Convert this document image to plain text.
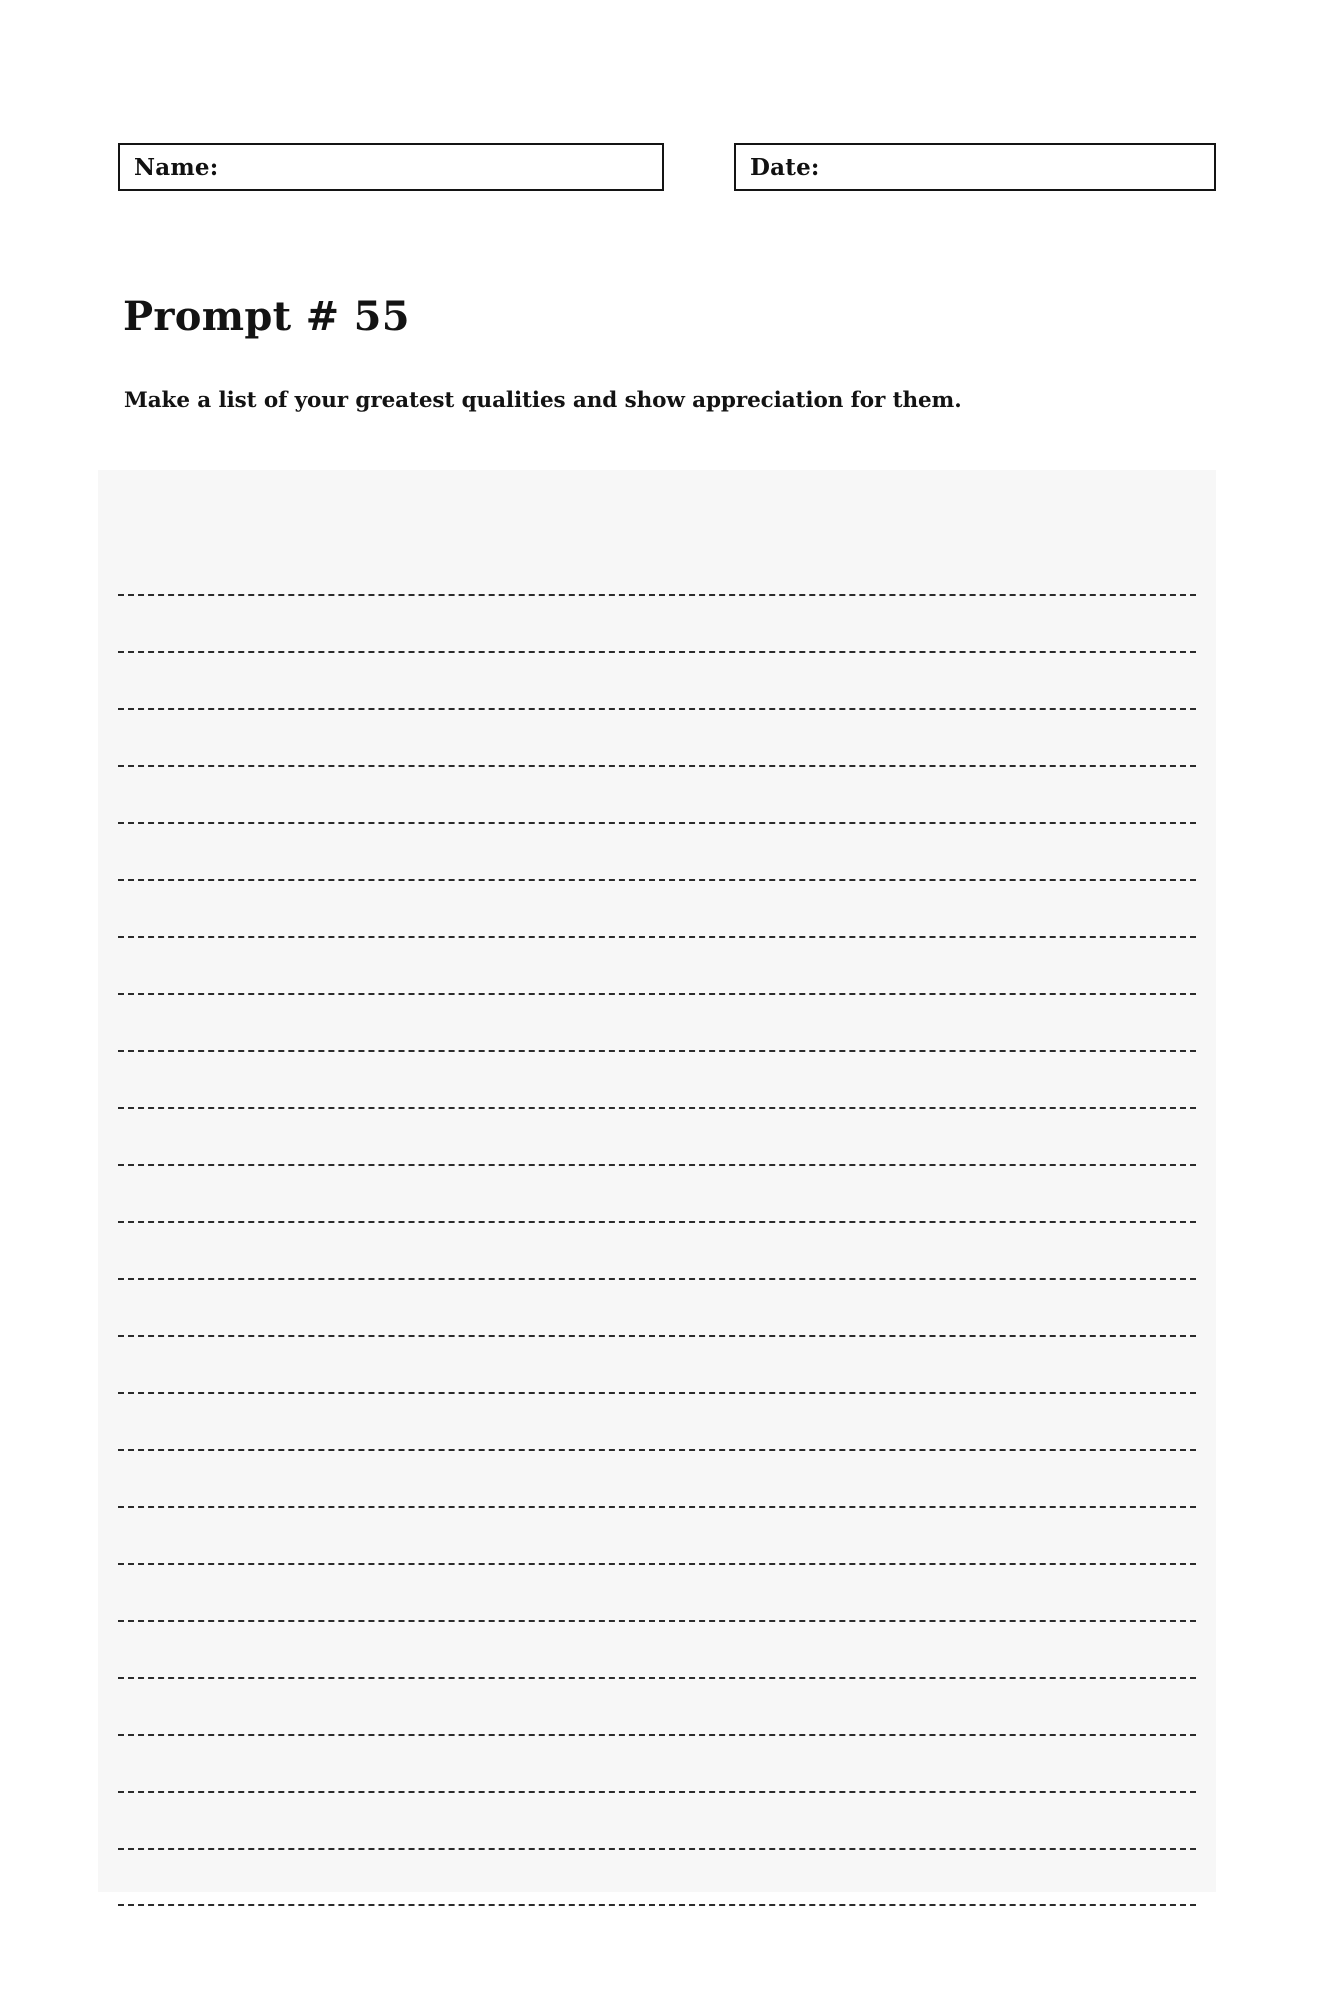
Name:	Date:
Prompt # 55

Make a list of your greatest qualities and show appreciation for them.
